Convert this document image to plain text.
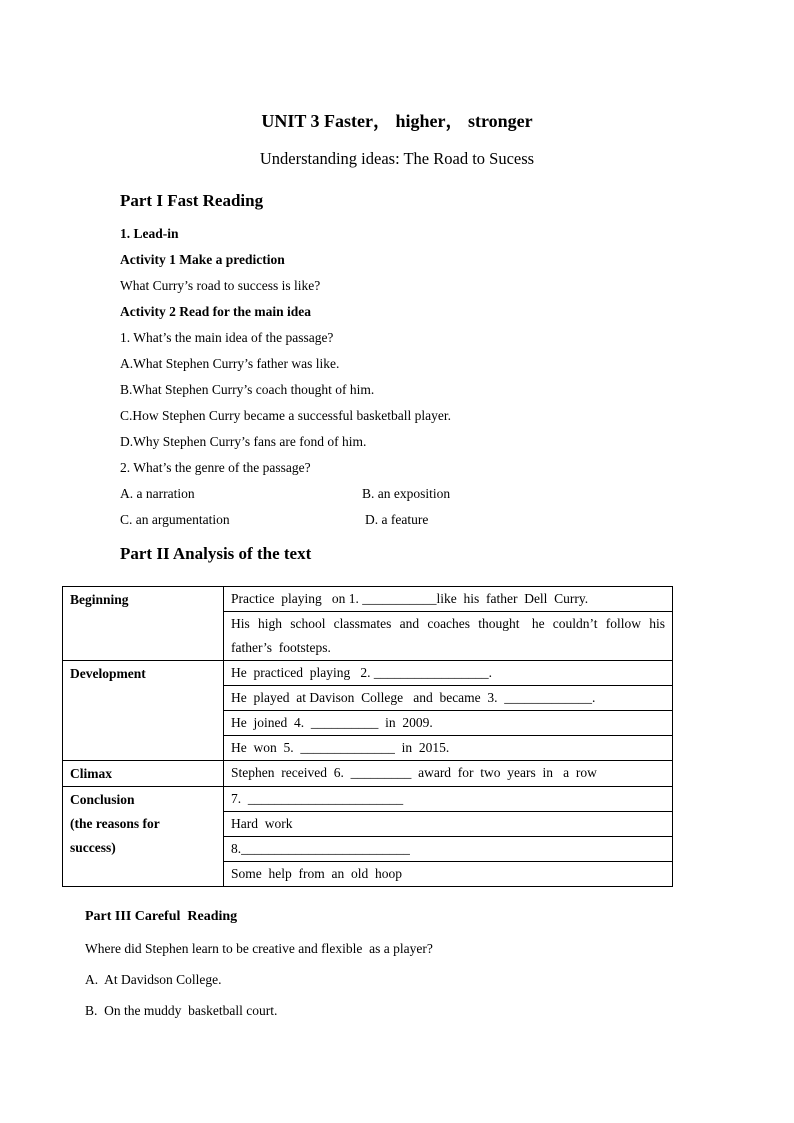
UNIT 3 Faster， higher， stronger
Understanding ideas: The Road to Sucess
Part I Fast Reading
1. Lead-in
Activity 1 Make a prediction
What Curry’s road to success is like?
Activity 2 Read for the main idea
1. What’s the main idea of the passage?
A.What Stephen Curry’s father was like.
B.What Stephen Curry’s coach thought of him.
C.How Stephen Curry became a successful basketball player.
D.Why Stephen Curry’s fans are fond of him.
2. What’s the genre of the passage?
A. a narration	B. an exposition
C. an argumentation	D. a feature
Part II Analysis of the text
Beginning	Practice  playing   on 1. ___________like  his  father  Dell  Curry.
	His  high  school  classmates  and  coaches  thought   he  couldn’t  follow  his  father’s  footsteps.
Development	He  practiced  playing   2. _________________.
	He  played  at Davison  College   and  became  3.  _____________.
	He  joined  4.  __________  in  2009.
	He  won  5.  ______________  in  2015.
Climax	Stephen  received  6.  _________  award  for  two  years  in   a  row
Conclusion
(the reasons for
success)	7.  _______________________
	Hard  work
	8._________________________
	Some  help  from  an  old  hoop
Part III Careful  Reading
Where did Stephen learn to be creative and flexible  as a player?
A.  At Davidson College.
B.  On the muddy  basketball court.
